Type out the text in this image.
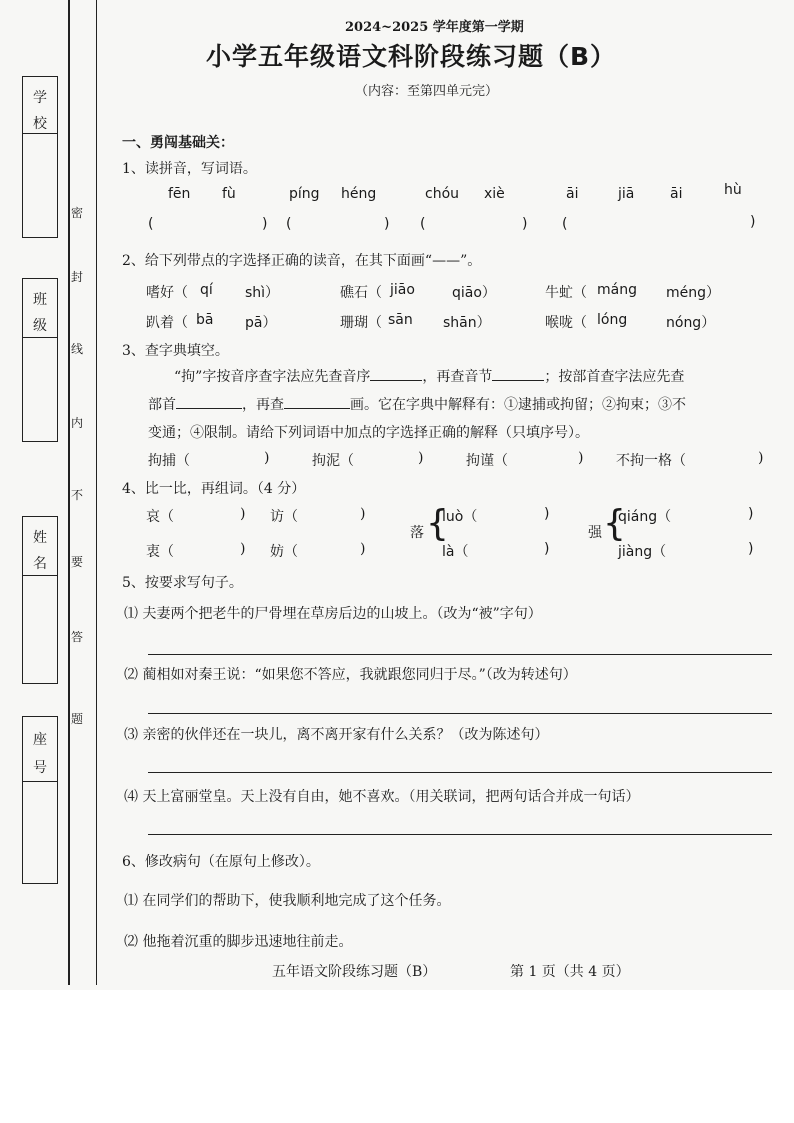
学
校
班
级
姓
名
座
号
密
封
线
内
不
要
答
题
2024~2025 学年度第一学期
小学五年级语文科阶段练习题（B）
（内容：至第四单元完）
一、勇闯基础关：
1、读拼音，写词语。
fēn fù	píng héng	chóu xiè	āi	jiā	āi	hù
(	) (	) (	) (	)
2、给下列带点的字选择正确的读音，在其下面画“——”。
嗜好（ qí shì）	礁石（ jiāo	qiāo）	牛虻（ máng méng）
趴着（ bā pā）	珊瑚（ sān shān）	喉咙（ lóng	nóng）
3、查字典填空。
“拘”字按音序查字法应先查音序	，再查音节	；按部首查字法应先查
部首	，再查	画。它在字典中解释有：①逮捕或拘留；②拘束；③不
变通；④限制。请给下列词语中加点的字选择正确的解释（只填序号）。
拘捕（	)	拘泥（	)	拘谨（	) 不拘一格（	)
4、比一比，再组词。（4 分）
哀（	) 访（	)
衷（	) 妨（	)
落 {
luò（	)
là（	)
强 {
qiáng（	)
jiàng（	)
5、按要求写句子。
⑴ 夫妻两个把老牛的尸骨埋在草房后边的山坡上。（改为“被”字句）
⑵ 蔺相如对秦王说：“如果您不答应，我就跟您同归于尽。”（改为转述句）
⑶ 亲密的伙伴还在一块儿，离不离开家有什么关系？（改为陈述句）
⑷ 天上富丽堂皇。天上没有自由，她不喜欢。（用关联词，把两句话合并成一句话）
6、修改病句（在原句上修改）。
⑴ 在同学们的帮助下，使我顺利地完成了这个任务。
⑵ 他拖着沉重的脚步迅速地往前走。
五年语文阶段练习题（B）	第 1 页（共 4 页）
